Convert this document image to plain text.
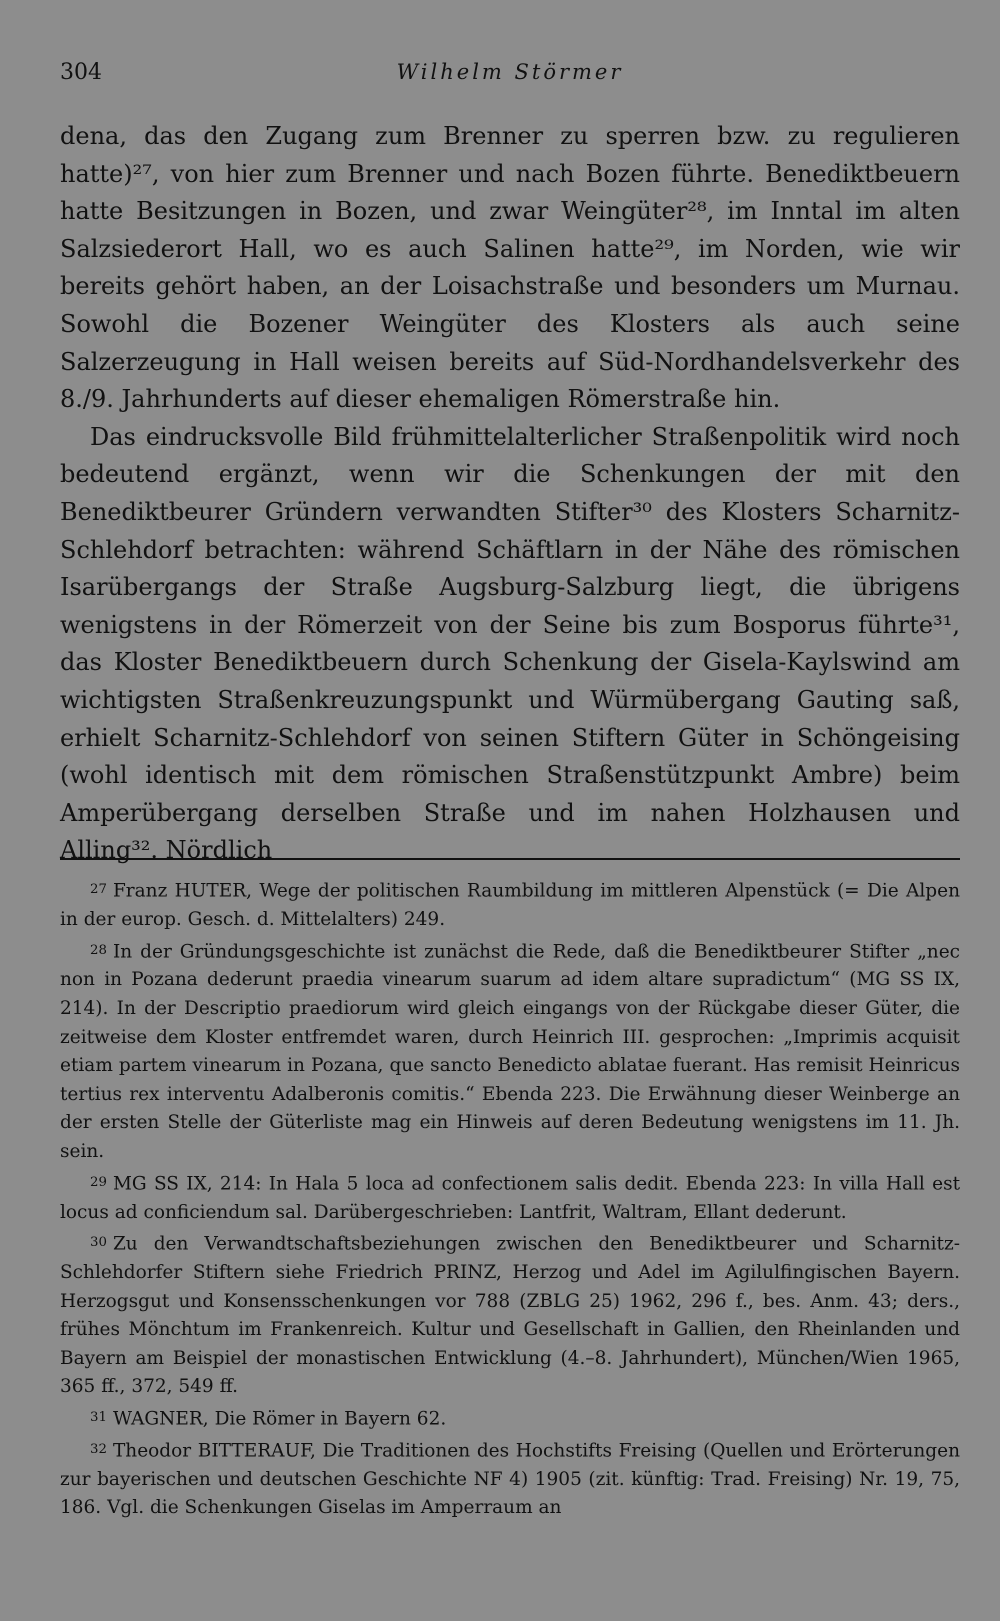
304	Wilhelm Störmer

dena, das den Zugang zum Brenner zu sperren bzw. zu regulieren hatte)²⁷, von hier zum Brenner und nach Bozen führte. Benediktbeuern hatte Besitzungen in Bozen, und zwar Weingüter²⁸, im Inntal im alten Salzsiederort Hall, wo es auch Salinen hatte²⁹, im Norden, wie wir bereits gehört haben, an der Loisachstraße und besonders um Murnau. Sowohl die Bozener Weingüter des Klosters als auch seine Salzerzeugung in Hall weisen bereits auf Süd-Nordhandelsverkehr des 8./9. Jahrhunderts auf dieser ehemaligen Römerstraße hin.

Das eindrucksvolle Bild frühmittelalterlicher Straßenpolitik wird noch bedeutend ergänzt, wenn wir die Schenkungen der mit den Benediktbeurer Gründern verwandten Stifter³⁰ des Klosters Scharnitz-Schlehdorf betrachten: während Schäftlarn in der Nähe des römischen Isarübergangs der Straße Augsburg-Salzburg liegt, die übrigens wenigstens in der Römerzeit von der Seine bis zum Bosporus führte³¹, das Kloster Benediktbeuern durch Schenkung der Gisela-Kaylswind am wichtigsten Straßenkreuzungspunkt und Würmübergang Gauting saß, erhielt Scharnitz-Schlehdorf von seinen Stiftern Güter in Schöngeising (wohl identisch mit dem römischen Straßenstützpunkt Ambre) beim Amperübergang derselben Straße und im nahen Holzhausen und Alling³². Nördlich

27 Franz HUTER, Wege der politischen Raumbildung im mittleren Alpenstück (= Die Alpen in der europ. Gesch. d. Mittelalters) 249.

28 In der Gründungsgeschichte ist zunächst die Rede, daß die Benediktbeurer Stifter „nec non in Pozana dederunt praedia vinearum suarum ad idem altare supradictum“ (MG SS IX, 214). In der Descriptio praediorum wird gleich eingangs von der Rückgabe dieser Güter, die zeitweise dem Kloster entfremdet waren, durch Heinrich III. gesprochen: „Imprimis acquisit etiam partem vinearum in Pozana, que sancto Benedicto ablatae fuerant. Has remisit Heinricus tertius rex interventu Adalberonis comitis.“ Ebenda 223. Die Erwähnung dieser Weinberge an der ersten Stelle der Güterliste mag ein Hinweis auf deren Bedeutung wenigstens im 11. Jh. sein.

29 MG SS IX, 214: In Hala 5 loca ad confectionem salis dedit. Ebenda 223: In villa Hall est locus ad conficiendum sal. Darübergeschrieben: Lantfrit, Waltram, Ellant dederunt.

30 Zu den Verwandtschaftsbeziehungen zwischen den Benediktbeurer und Scharnitz-Schlehdorfer Stiftern siehe Friedrich PRINZ, Herzog und Adel im Agilulfingischen Bayern. Herzogsgut und Konsensschenkungen vor 788 (ZBLG 25) 1962, 296 f., bes. Anm. 43; ders., frühes Mönchtum im Frankenreich. Kultur und Gesellschaft in Gallien, den Rheinlanden und Bayern am Beispiel der monastischen Entwicklung (4.–8. Jahrhundert), München/Wien 1965, 365 ff., 372, 549 ff.

31 WAGNER, Die Römer in Bayern 62.

32 Theodor BITTERAUF, Die Traditionen des Hochstifts Freising (Quellen und Erörterungen zur bayerischen und deutschen Geschichte NF 4) 1905 (zit. künftig: Trad. Freising) Nr. 19, 75, 186. Vgl. die Schenkungen Giselas im Amperraum an
